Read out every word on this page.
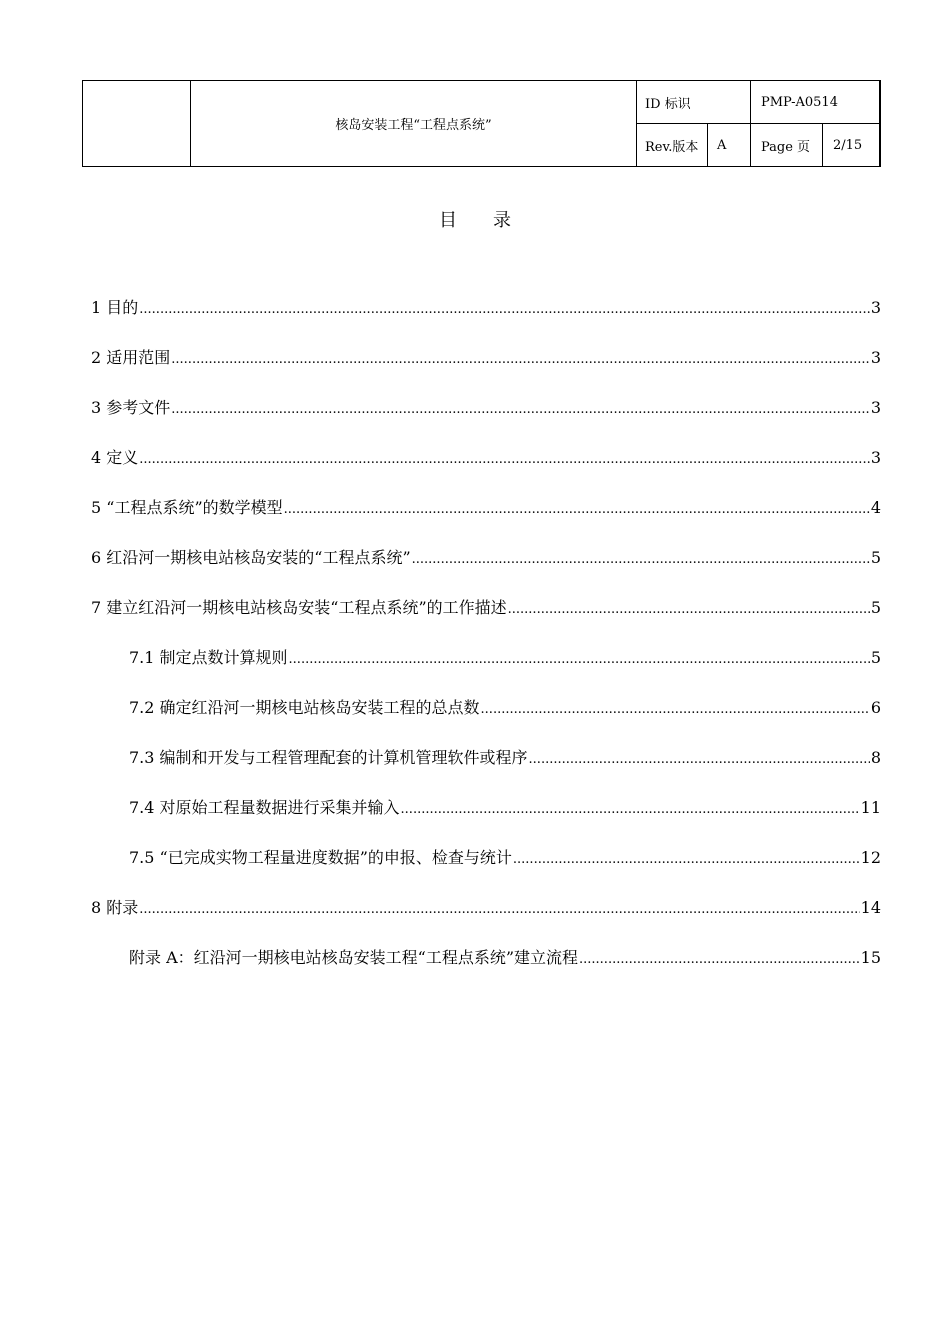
核岛安装工程“工程点系统”
ID 标识	PMP-A0514
Rev.版本	A	Page 页	2/15
目录
1 目的 .....	3
2 适用范围 .....	3
3 参考文件 .....	3
4 定义 .....	3
5 “工程点系统”的数学模型 .....	4
6 红沿河一期核电站核岛安装的“工程点系统” .....	5
7 建立红沿河一期核电站核岛安装“工程点系统”的工作描述 .....	5
7.1 制定点数计算规则 .....	5
7.2 确定红沿河一期核电站核岛安装工程的总点数 .....	6
7.3 编制和开发与工程管理配套的计算机管理软件或程序 .....	8
7.4 对原始工程量数据进行采集并输入 .....	11
7.5 “已完成实物工程量进度数据”的申报、检查与统计 .....	12
8 附录 .....	14
附录 A：红沿河一期核电站核岛安装工程“工程点系统”建立流程 .....	15
